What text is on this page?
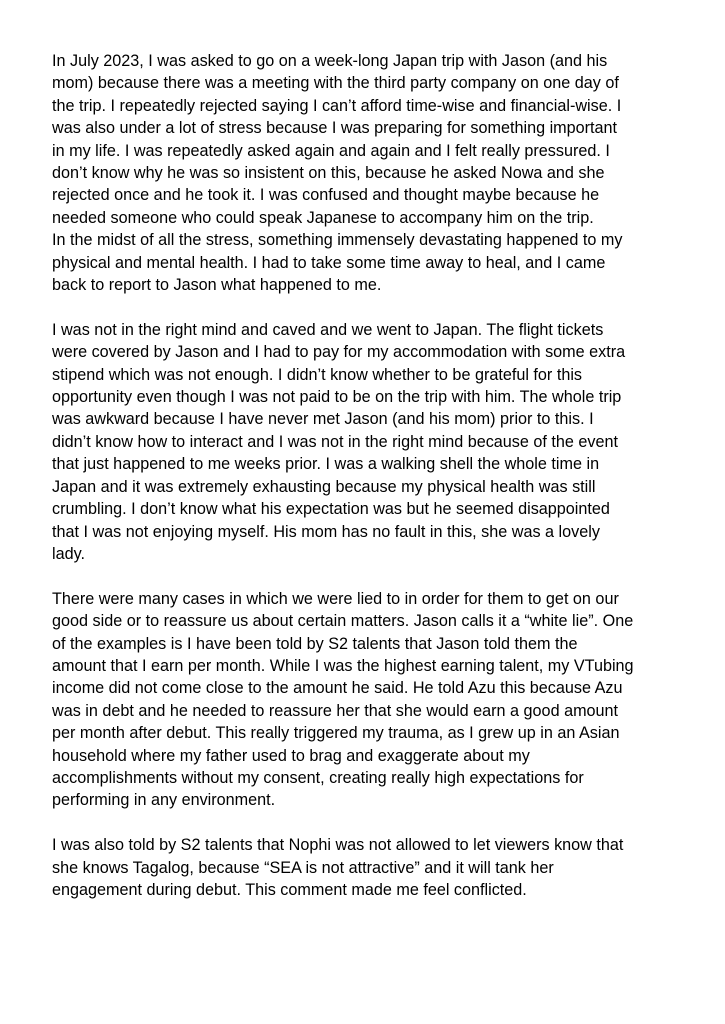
In July 2023, I was asked to go on a week-long Japan trip with Jason (and his
mom) because there was a meeting with the third party company on one day of
the trip. I repeatedly rejected saying I can’t afford time-wise and financial-wise. I
was also under a lot of stress because I was preparing for something important
in my life. I was repeatedly asked again and again and I felt really pressured. I
don’t know why he was so insistent on this, because he asked Nowa and she
rejected once and he took it. I was confused and thought maybe because he
needed someone who could speak Japanese to accompany him on the trip.

In the midst of all the stress, something immensely devastating happened to my
physical and mental health. I had to take some time away to heal, and I came
back to report to Jason what happened to me.

I was not in the right mind and caved and we went to Japan. The flight tickets
were covered by Jason and I had to pay for my accommodation with some extra
stipend which was not enough. I didn’t know whether to be grateful for this
opportunity even though I was not paid to be on the trip with him. The whole trip
was awkward because I have never met Jason (and his mom) prior to this. I
didn’t know how to interact and I was not in the right mind because of the event
that just happened to me weeks prior. I was a walking shell the whole time in
Japan and it was extremely exhausting because my physical health was still
crumbling. I don’t know what his expectation was but he seemed disappointed
that I was not enjoying myself. His mom has no fault in this, she was a lovely
lady.

There were many cases in which we were lied to in order for them to get on our
good side or to reassure us about certain matters. Jason calls it a “white lie”. One
of the examples is I have been told by S2 talents that Jason told them the
amount that I earn per month. While I was the highest earning talent, my VTubing
income did not come close to the amount he said. He told Azu this because Azu
was in debt and he needed to reassure her that she would earn a good amount
per month after debut. This really triggered my trauma, as I grew up in an Asian
household where my father used to brag and exaggerate about my
accomplishments without my consent, creating really high expectations for
performing in any environment.

I was also told by S2 talents that Nophi was not allowed to let viewers know that
she knows Tagalog, because “SEA is not attractive” and it will tank her
engagement during debut. This comment made me feel conflicted.
